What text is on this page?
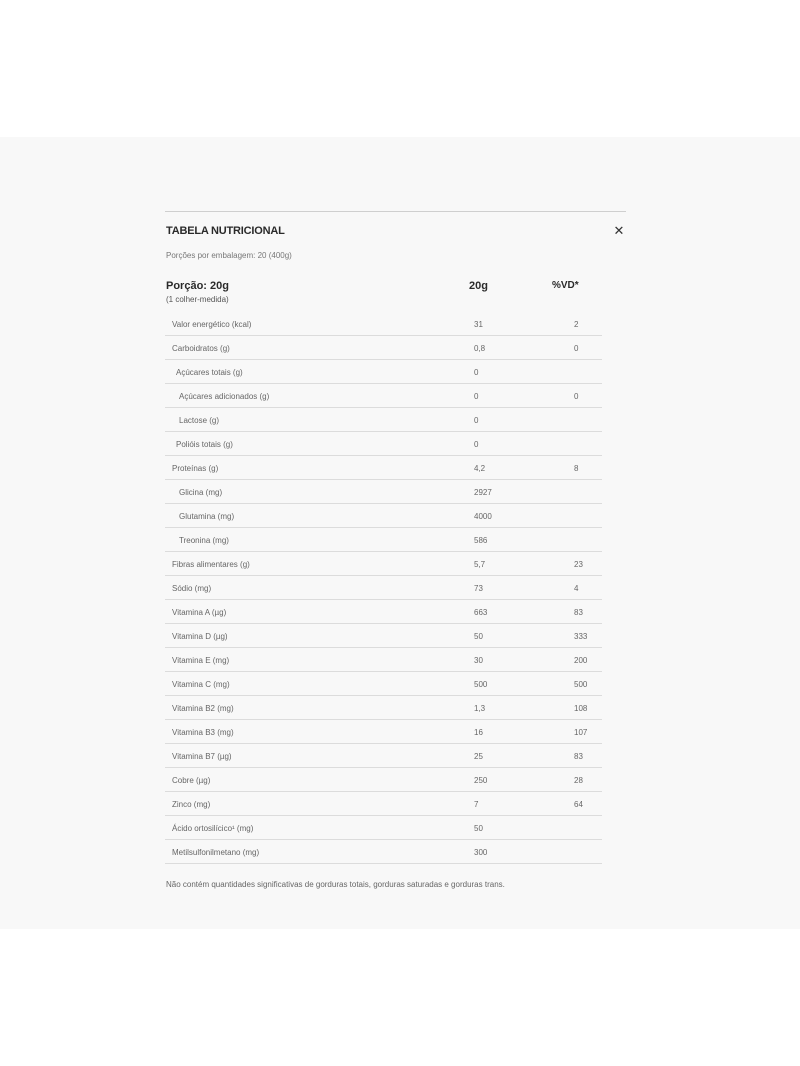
TABELA NUTRICIONAL	✕
Porções por embalagem: 20 (400g)
Porção: 20g
(1 colher-medida)
20g	%VD*
Valor energético (kcal)	31	2
Carboidratos (g)	0,8	0
Açúcares totais (g)	0
Açúcares adicionados (g)	0	0
Lactose (g)	0
Polióis totais (g)	0
Proteínas (g)	4,2	8
Glicina (mg)	2927
Glutamina (mg)	4000
Treonina (mg)	586
Fibras alimentares (g)	5,7	23
Sódio (mg)	73	4
Vitamina A (µg)	663	83
Vitamina D (µg)	50	333
Vitamina E (mg)	30	200
Vitamina C (mg)	500	500
Vitamina B2 (mg)	1,3	108
Vitamina B3 (mg)	16	107
Vitamina B7 (µg)	25	83
Cobre (µg)	250	28
Zinco (mg)	7	64
Ácido ortosilícico¹ (mg)	50
Metilsulfonilmetano (mg)	300
Não contém quantidades significativas de gorduras totais, gorduras saturadas e gorduras trans.
